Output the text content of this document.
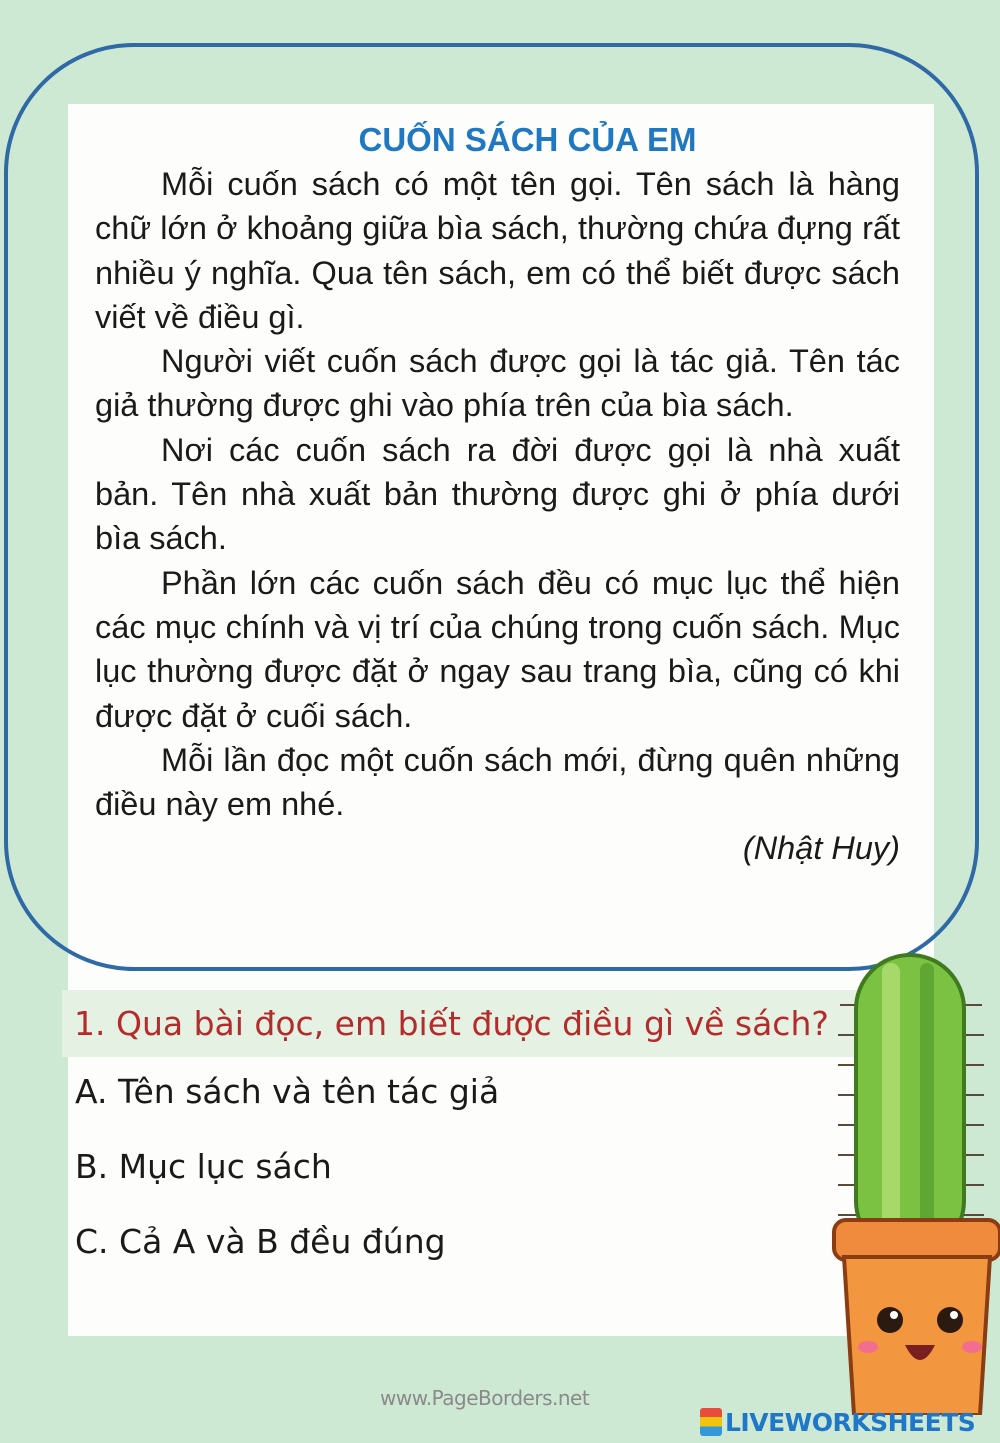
CUỐN SÁCH CỦA EM

Mỗi cuốn sách có một tên gọi. Tên sách là hàng chữ lớn ở khoảng giữa bìa sách, thường chứa đựng rất nhiều ý nghĩa. Qua tên sách, em có thể biết được sách viết về điều gì.

Người viết cuốn sách được gọi là tác giả. Tên tác giả thường được ghi vào phía trên của bìa sách.

Nơi các cuốn sách ra đời được gọi là nhà xuất bản. Tên nhà xuất bản thường được ghi ở phía dưới bìa sách.

Phần lớn các cuốn sách đều có mục lục thể hiện các mục chính và vị trí của chúng trong cuốn sách. Mục lục thường được đặt ở ngay sau trang bìa, cũng có khi được đặt ở cuối sách.

Mỗi lần đọc một cuốn sách mới, đừng quên những điều này em nhé.

(Nhật Huy)

1. Qua bài đọc, em biết được điều gì về sách?
A. Tên sách và tên tác giả
B. Mục lục sách
C. Cả A và B đều đúng
www.PageBorders.net
LIVEWORKSHEETS
